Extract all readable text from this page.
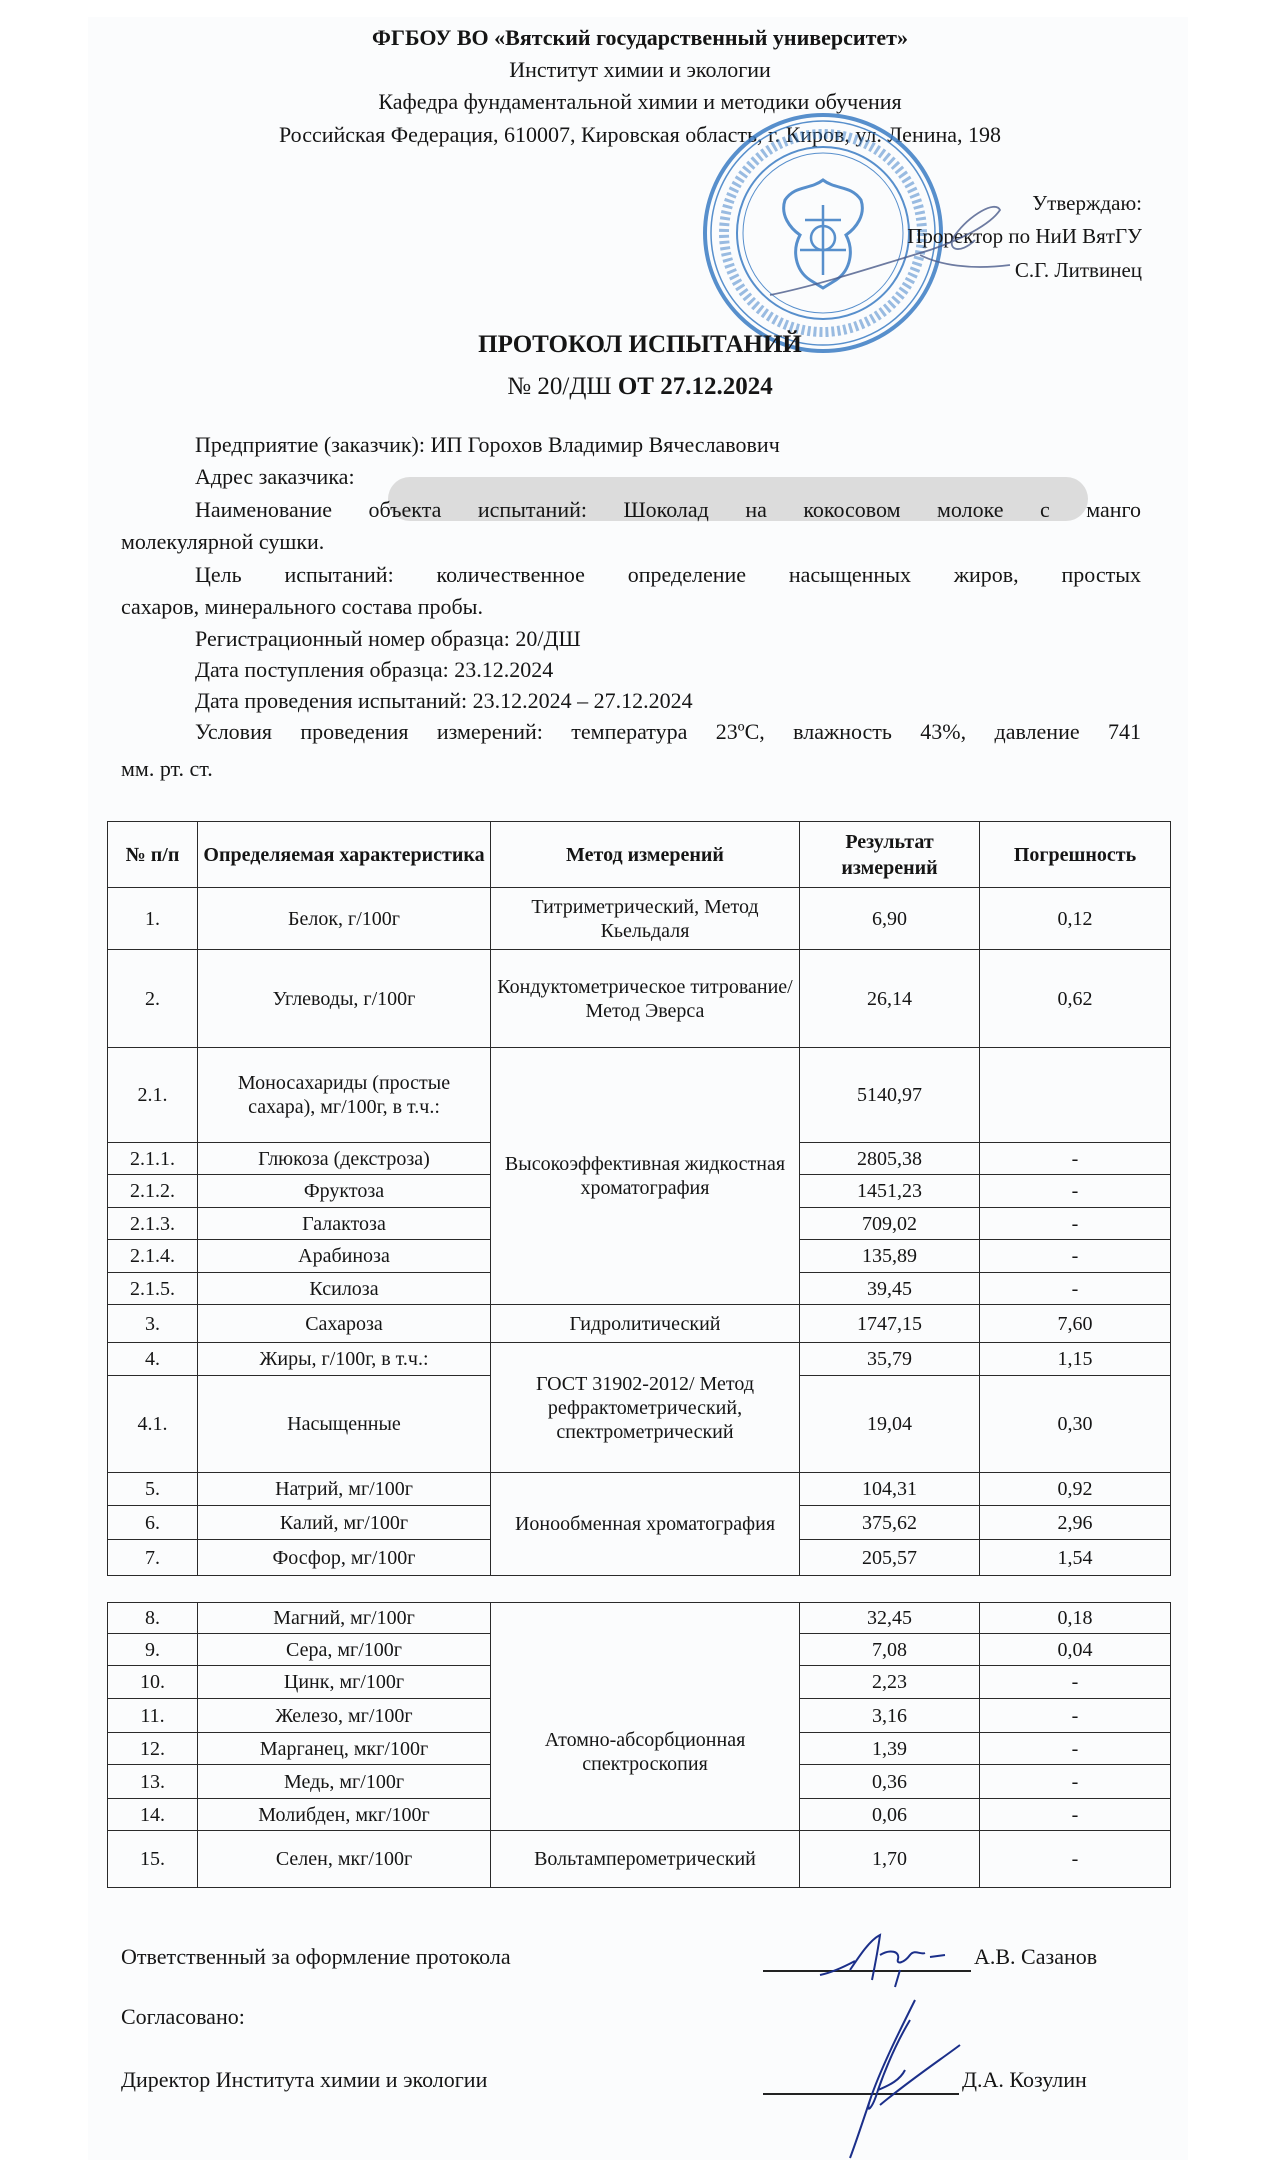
ФГБОУ ВО «Вятский государственный университет»
Институт химии и экологии
Кафедра фундаментальной химии и методики обучения
Российская Федерация, 610007, Кировская область, г. Киров, ул. Ленина, 198
Утверждаю:
Проректор по НиИ ВятГУ
С.Г. Литвинец
ПРОТОКОЛ ИСПЫТАНИЙ
№ 20/ДШ ОТ 27.12.2024
Предприятие (заказчик): ИП Горохов Владимир Вячеславович
Адрес заказчика:
Наименование объекта испытаний: Шоколад на кокосовом молоке с манго
молекулярной сушки.
Цель испытаний: количественное определение насыщенных жиров, простых
сахаров, минерального состава пробы.
Регистрационный номер образца: 20/ДШ
Дата поступления образца: 23.12.2024
Дата проведения испытаний: 23.12.2024 – 27.12.2024
Условия проведения измерений: температура 23ºС, влажность 43%, давление 741
мм. рт. ст.
№ п/п	Определяемая характеристика	Метод измерений	Результат измерений	Погрешность
1.	Белок, г/100г	Титриметрический, Метод Кьельдаля	6,90	0,12
2.	Углеводы, г/100г	Кондуктометрическое титрование/Метод Эверса	26,14	0,62
2.1.	Моносахариды (простые сахара), мг/100г, в т.ч.:	Высокоэффективная жидкостная хроматография	5140,97	
2.1.1.	Глюкоза (декстроза)		2805,38	-
2.1.2.	Фруктоза		1451,23	-
2.1.3.	Галактоза		709,02	-
2.1.4.	Арабиноза		135,89	-
2.1.5.	Ксилоза		39,45	-
3.	Сахароза	Гидролитический	1747,15	7,60
4.	Жиры, г/100г, в т.ч.:	ГОСТ 31902-2012/ Метод рефрактометрический, спектрометрический	35,79	1,15
4.1.	Насыщенные		19,04	0,30
5.	Натрий, мг/100г	Ионообменная хроматография	104,31	0,92
6.	Калий, мг/100г		375,62	2,96
7.	Фосфор, мг/100г		205,57	1,54
8.	Магний, мг/100г	Атомно-абсорбционная спектроскопия	32,45	0,18
9.	Сера, мг/100г		7,08	0,04
10.	Цинк, мг/100г		2,23	-
11.	Железо, мг/100г		3,16	-
12.	Марганец, мкг/100г		1,39	-
13.	Медь, мг/100г		0,36	-
14.	Молибден, мкг/100г		0,06	-
15.	Селен, мкг/100г	Вольтамперометрический	1,70	-
Ответственный за оформление протокола	А.В. Сазанов
Согласовано:
Директор Института химии и экологии	Д.А. Козулин
